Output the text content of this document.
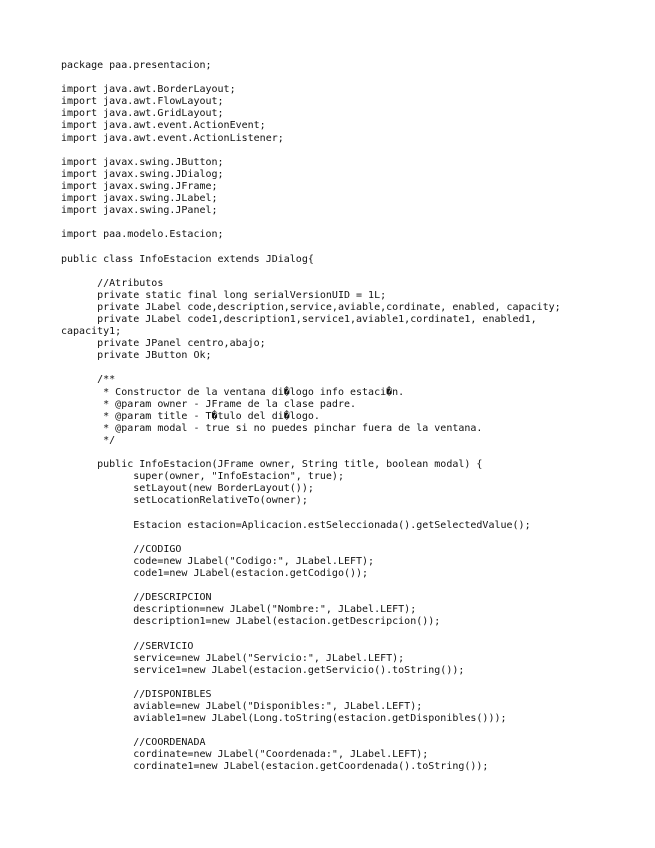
package paa.presentacion;
import java.awt.BorderLayout;
import java.awt.FlowLayout;
import java.awt.GridLayout;
import java.awt.event.ActionEvent;
import java.awt.event.ActionListener;
import javax.swing.JButton;
import javax.swing.JDialog;
import javax.swing.JFrame;
import javax.swing.JLabel;
import javax.swing.JPanel;
import paa.modelo.Estacion;
public class InfoEstacion extends JDialog{
//Atributos
private static final long serialVersionUID = 1L;
private JLabel code,description,service,aviable,cordinate, enabled, capacity;
private JLabel code1,description1,service1,aviable1,cordinate1, enabled1,
capacity1;
private JPanel centro,abajo;
private JButton Ok;
/**
* Constructor de la ventana di�logo info estaci�n.
* @param owner - JFrame de la clase padre.
* @param title - T�tulo del di�logo.
* @param modal - true si no puedes pinchar fuera de la ventana.
*/
public InfoEstacion(JFrame owner, String title, boolean modal) {
super(owner, "InfoEstacion", true);
setLayout(new BorderLayout());
setLocationRelativeTo(owner);
Estacion estacion=Aplicacion.estSeleccionada().getSelectedValue();
//CODIGO
code=new JLabel("Codigo:", JLabel.LEFT);
code1=new JLabel(estacion.getCodigo());
//DESCRIPCION
description=new JLabel("Nombre:", JLabel.LEFT);
description1=new JLabel(estacion.getDescripcion());
//SERVICIO
service=new JLabel("Servicio:", JLabel.LEFT);
service1=new JLabel(estacion.getServicio().toString());
//DISPONIBLES
aviable=new JLabel("Disponibles:", JLabel.LEFT);
aviable1=new JLabel(Long.toString(estacion.getDisponibles()));
//COORDENADA
cordinate=new JLabel("Coordenada:", JLabel.LEFT);
cordinate1=new JLabel(estacion.getCoordenada().toString());
